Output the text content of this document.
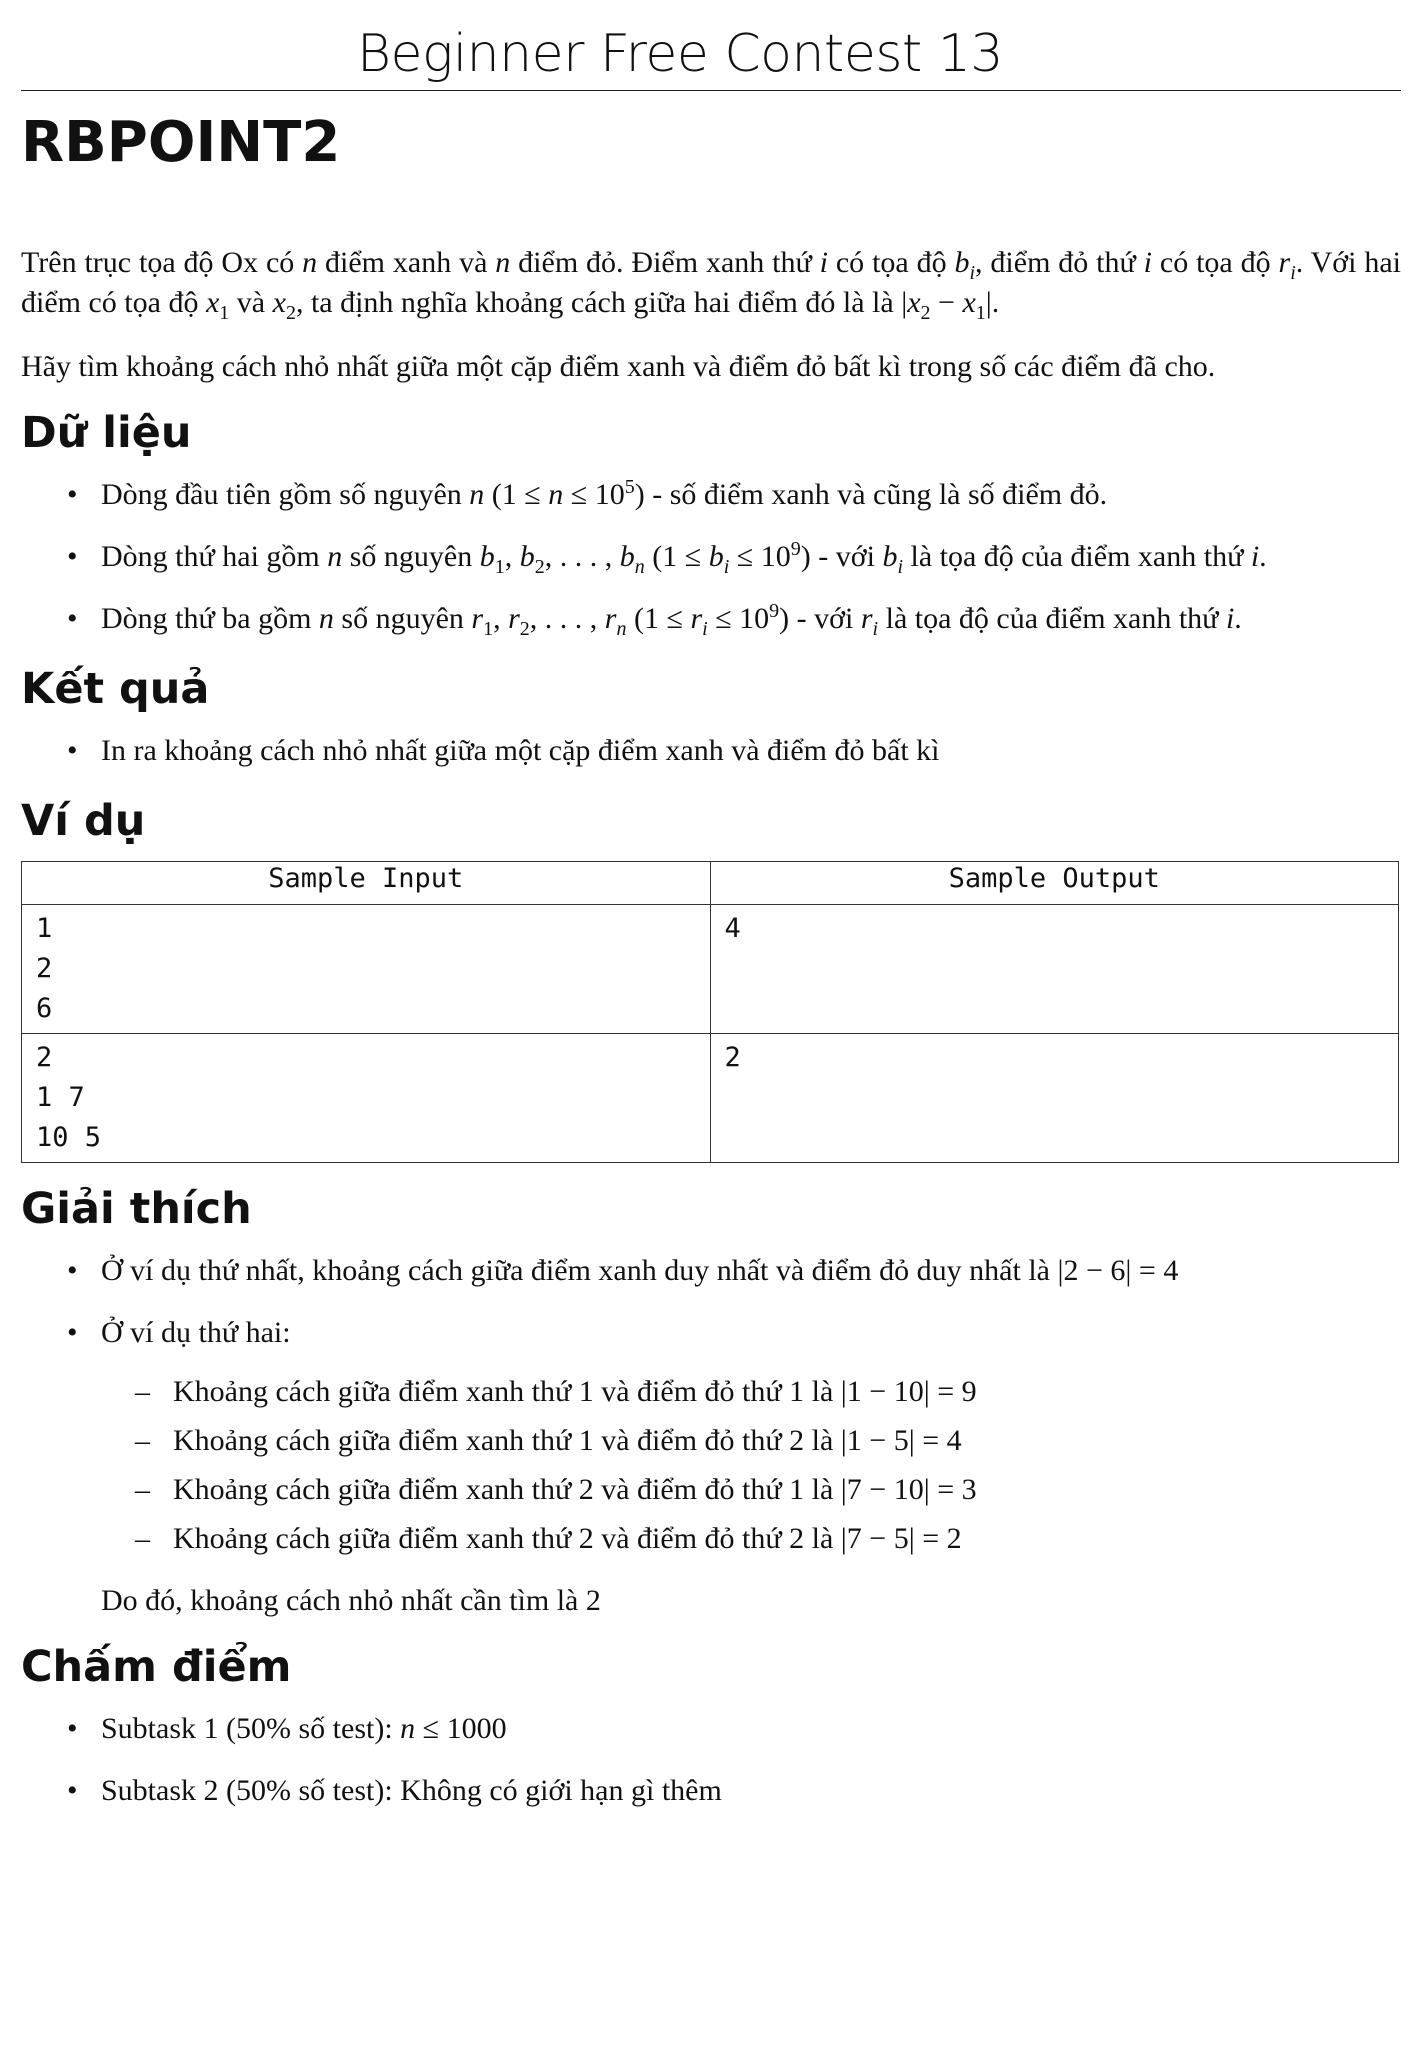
Beginner Free Contest 13
RBPOINT2

Trên trục tọa độ Ox có n điểm xanh và n điểm đỏ. Điểm xanh thứ i có tọa độ $b_i$, điểm đỏ thứ i có tọa độ $r_i$. Với hai điểm có tọa độ $x_1$ và $x_2$, ta định nghĩa khoảng cách giữa hai điểm đó là là $|x_2 - x_1|$.

Hãy tìm khoảng cách nhỏ nhất giữa một cặp điểm xanh và điểm đỏ bất kì trong số các điểm đã cho.

Dữ liệu
• Dòng đầu tiên gồm số nguyên n $(1 \le n \le 10^5)$ - số điểm xanh và cũng là số điểm đỏ.
• Dòng thứ hai gồm n số nguyên $b_1$, $b_2$, . . . , $b_n$ $(1 \le b_i \le 10^9)$ - với $b_i$ là tọa độ của điểm xanh thứ i.
• Dòng thứ ba gồm n số nguyên $r_1$, $r_2$, . . . , $r_n$ $(1 \le r_i \le 10^9)$ - với $r_i$ là tọa độ của điểm xanh thứ i.
Kết quả
• In ra khoảng cách nhỏ nhất giữa một cặp điểm xanh và điểm đỏ bất kì
Ví dụ
Sample Input	Sample Output
1
2
6	4
2
1 7
10 5	2
Giải thích
• Ở ví dụ thứ nhất, khoảng cách giữa điểm xanh duy nhất và điểm đỏ duy nhất là |2 − 6| = 4
• Ở ví dụ thứ hai:
– Khoảng cách giữa điểm xanh thứ 1 và điểm đỏ thứ 1 là |1 − 10| = 9
– Khoảng cách giữa điểm xanh thứ 1 và điểm đỏ thứ 2 là |1 − 5| = 4
– Khoảng cách giữa điểm xanh thứ 2 và điểm đỏ thứ 1 là |7 − 10| = 3
– Khoảng cách giữa điểm xanh thứ 2 và điểm đỏ thứ 2 là |7 − 5| = 2
Do đó, khoảng cách nhỏ nhất cần tìm là 2
Chấm điểm
• Subtask 1 (50% số test): n ≤ 1000
• Subtask 2 (50% số test): Không có giới hạn gì thêm
